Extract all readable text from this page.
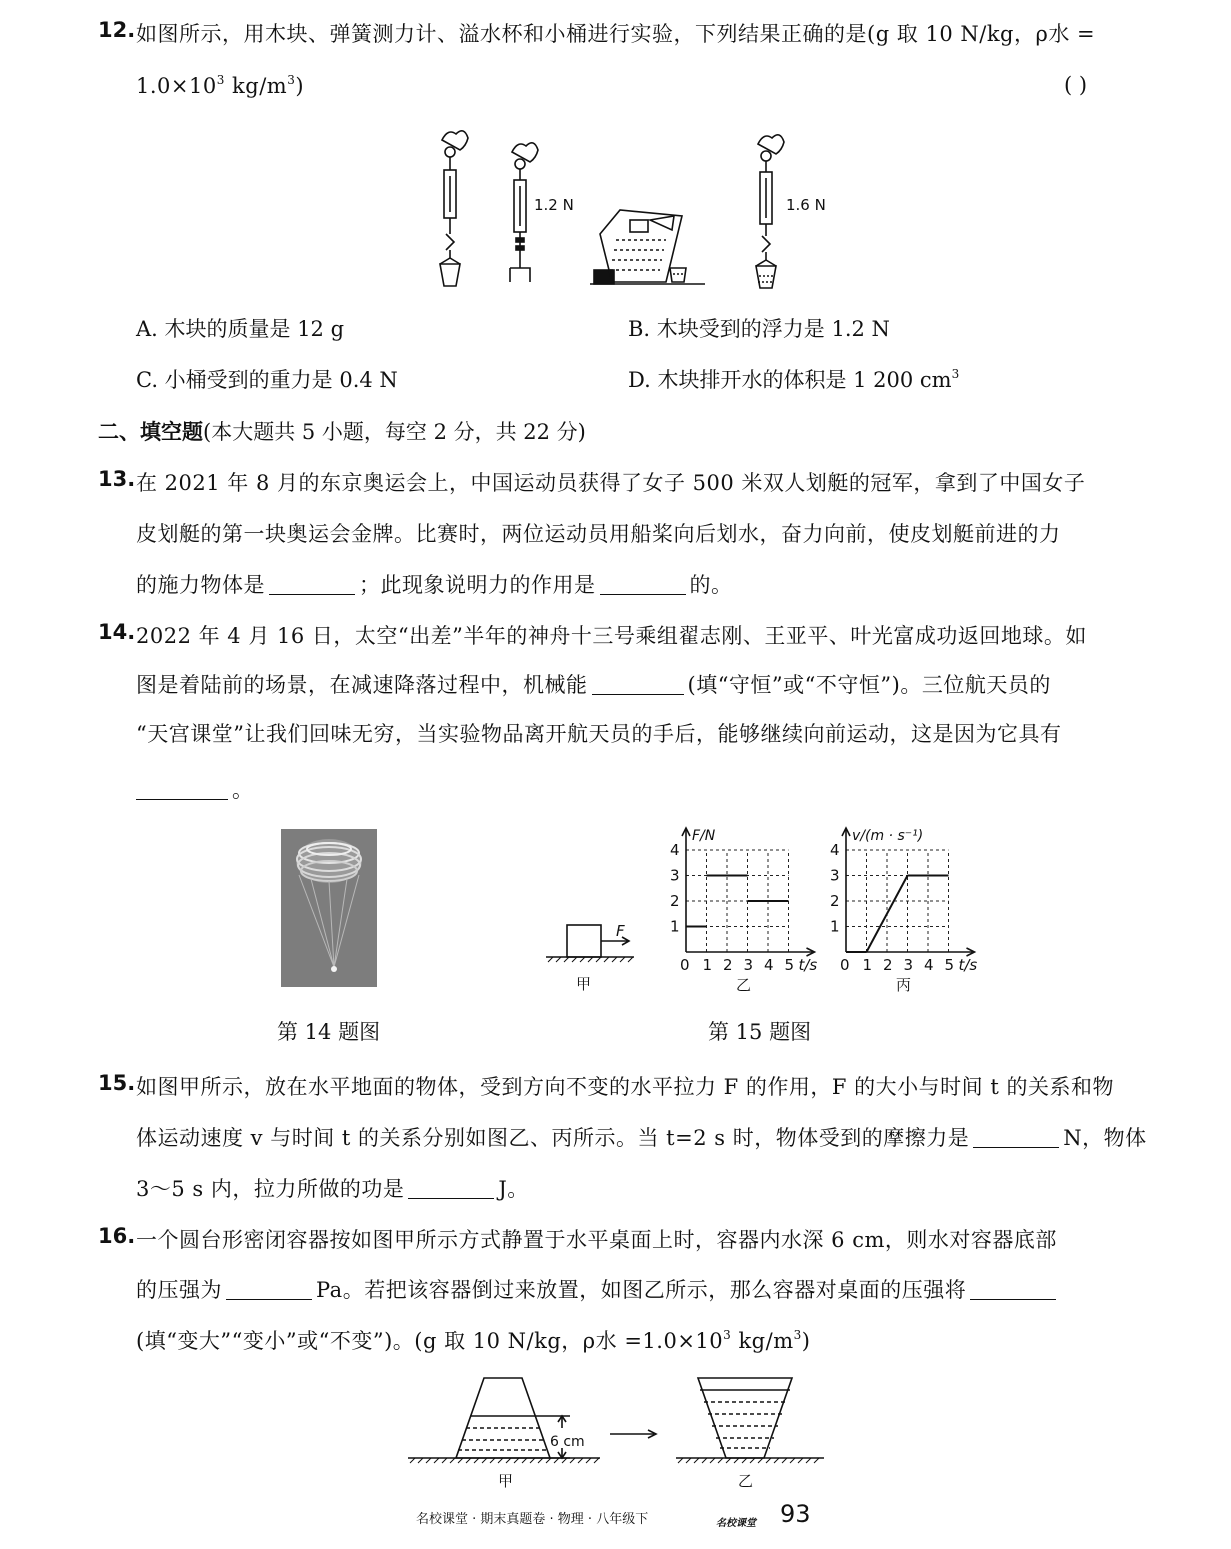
12. 如图所示，用木块、弹簧测力计、溢水杯和小桶进行实验，下列结果正确的是(g 取 10 N/kg，ρ水 =
$1.0\times 10^3$ $kg/m^3$)	( )
1.2 N	1.6 N
A. 木块的质量是 12 g	B. 木块受到的浮力是 1.2 N
C. 小桶受到的重力是 0.4 N	D. 木块排开水的体积是 1 200 $cm^3$
二、填空题(本大题共 5 小题，每空 2 分，共 22 分)
13. 在 2021 年 8 月的东京奥运会上，中国运动员获得了女子 500 米双人划艇的冠军，拿到了中国女子
皮划艇的第一块奥运会金牌。比赛时，两位运动员用船桨向后划水，奋力向前，使皮划艇前进的力
的施力物体是	；此现象说明力的作用是	的。
14. 2022 年 4 月 16 日，太空“出差”半年的神舟十三号乘组翟志刚、王亚平、叶光富成功返回地球。如
图是着陆前的场景，在减速降落过程中，机械能	(填“守恒”或“不守恒”)。三位航天员的
“天宫课堂”让我们回味无穷，当实验物品离开航天员的手后，能够继续向前运动，这是因为它具有
。
第 14 题图
F
甲
0 1 2 3 4 5
1
2
3
4
F/N
t/s
乙
0 1 2 3 4 5
1
2
3
4
v/(m · s⁻¹)
t/s
丙
第 15 题图
15. 如图甲所示，放在水平地面的物体，受到方向不变的水平拉力 F 的作用，F 的大小与时间 t 的关系和物
体运动速度 v 与时间 t 的关系分别如图乙、丙所示。当 t=2 s 时，物体受到的摩擦力是	N，物体
3～5 s 内，拉力所做的功是	J。
16. 一个圆台形密闭容器按如图甲所示方式静置于水平桌面上时，容器内水深 6 cm，则水对容器底部
的压强为	Pa。若把该容器倒过来放置，如图乙所示，那么容器对桌面的压强将
(填“变大”“变小”或“不变”)。(g 取 10 N/kg，ρ水 $=1.0\times 10^3$ $kg/m^3$)
6 cm
甲	乙
名校课堂 · 期末真题卷 · 物理 · 八年级下	名校课堂 93
